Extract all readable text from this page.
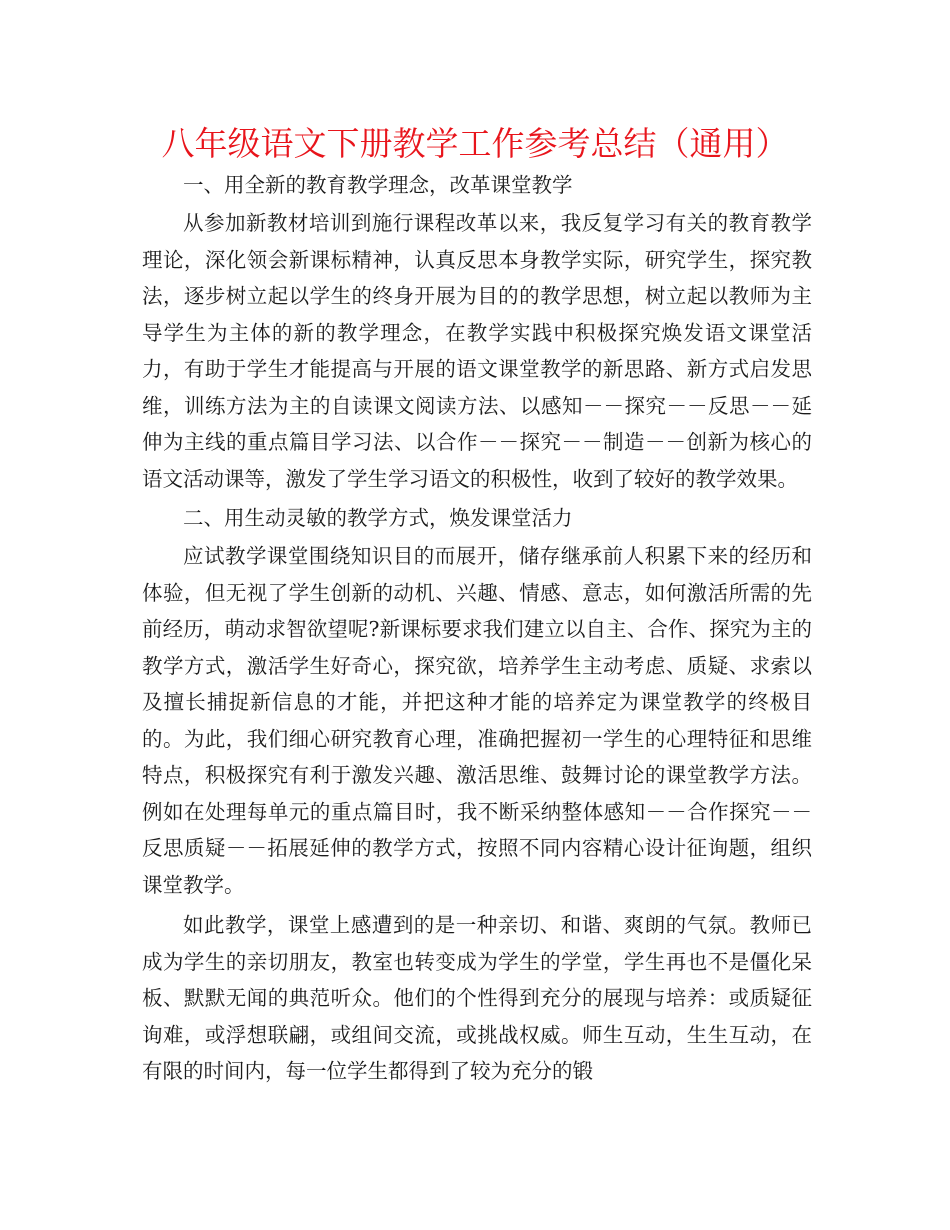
八年级语文下册教学工作参考总结（通用）
一、用全新的教育教学理念，改革课堂教学

从参加新教材培训到施行课程改革以来，我反复学习有关的教育教学理论，深化领会新课标精神，认真反思本身教学实际，研究学生，探究教法，逐步树立起以学生的终身开展为目的的教学思想，树立起以教师为主导学生为主体的新的教学理念，在教学实践中积极探究焕发语文课堂活力，有助于学生才能提高与开展的语文课堂教学的新思路、新方式启发思维，训练方法为主的自读课文阅读方法、以感知－－探究－－反思－－延伸为主线的重点篇目学习法、以合作－－探究－－制造－－创新为核心的语文活动课等，激发了学生学习语文的积极性，收到了较好的教学效果。

二、用生动灵敏的教学方式，焕发课堂活力

应试教学课堂围绕知识目的而展开，储存继承前人积累下来的经历和体验，但无视了学生创新的动机、兴趣、情感、意志，如何激活所需的先前经历，萌动求智欲望呢?新课标要求我们建立以自主、合作、探究为主的教学方式，激活学生好奇心，探究欲，培养学生主动考虑、质疑、求索以及擅长捕捉新信息的才能，并把这种才能的培养定为课堂教学的终极目的。为此，我们细心研究教育心理，准确把握初一学生的心理特征和思维特点，积极探究有利于激发兴趣、激活思维、鼓舞讨论的课堂教学方法。例如在处理每单元的重点篇目时，我不断采纳整体感知－－合作探究－－反思质疑－－拓展延伸的教学方式，按照不同内容精心设计征询题，组织课堂教学。

如此教学，课堂上感遭到的是一种亲切、和谐、爽朗的气氛。教师已成为学生的亲切朋友，教室也转变成为学生的学堂，学生再也不是僵化呆板、默默无闻的典范听众。他们的个性得到充分的展现与培养：或质疑征询难，或浮想联翩，或组间交流，或挑战权威。师生互动，生生互动，在有限的时间内，每一位学生都得到了较为充分的锻
